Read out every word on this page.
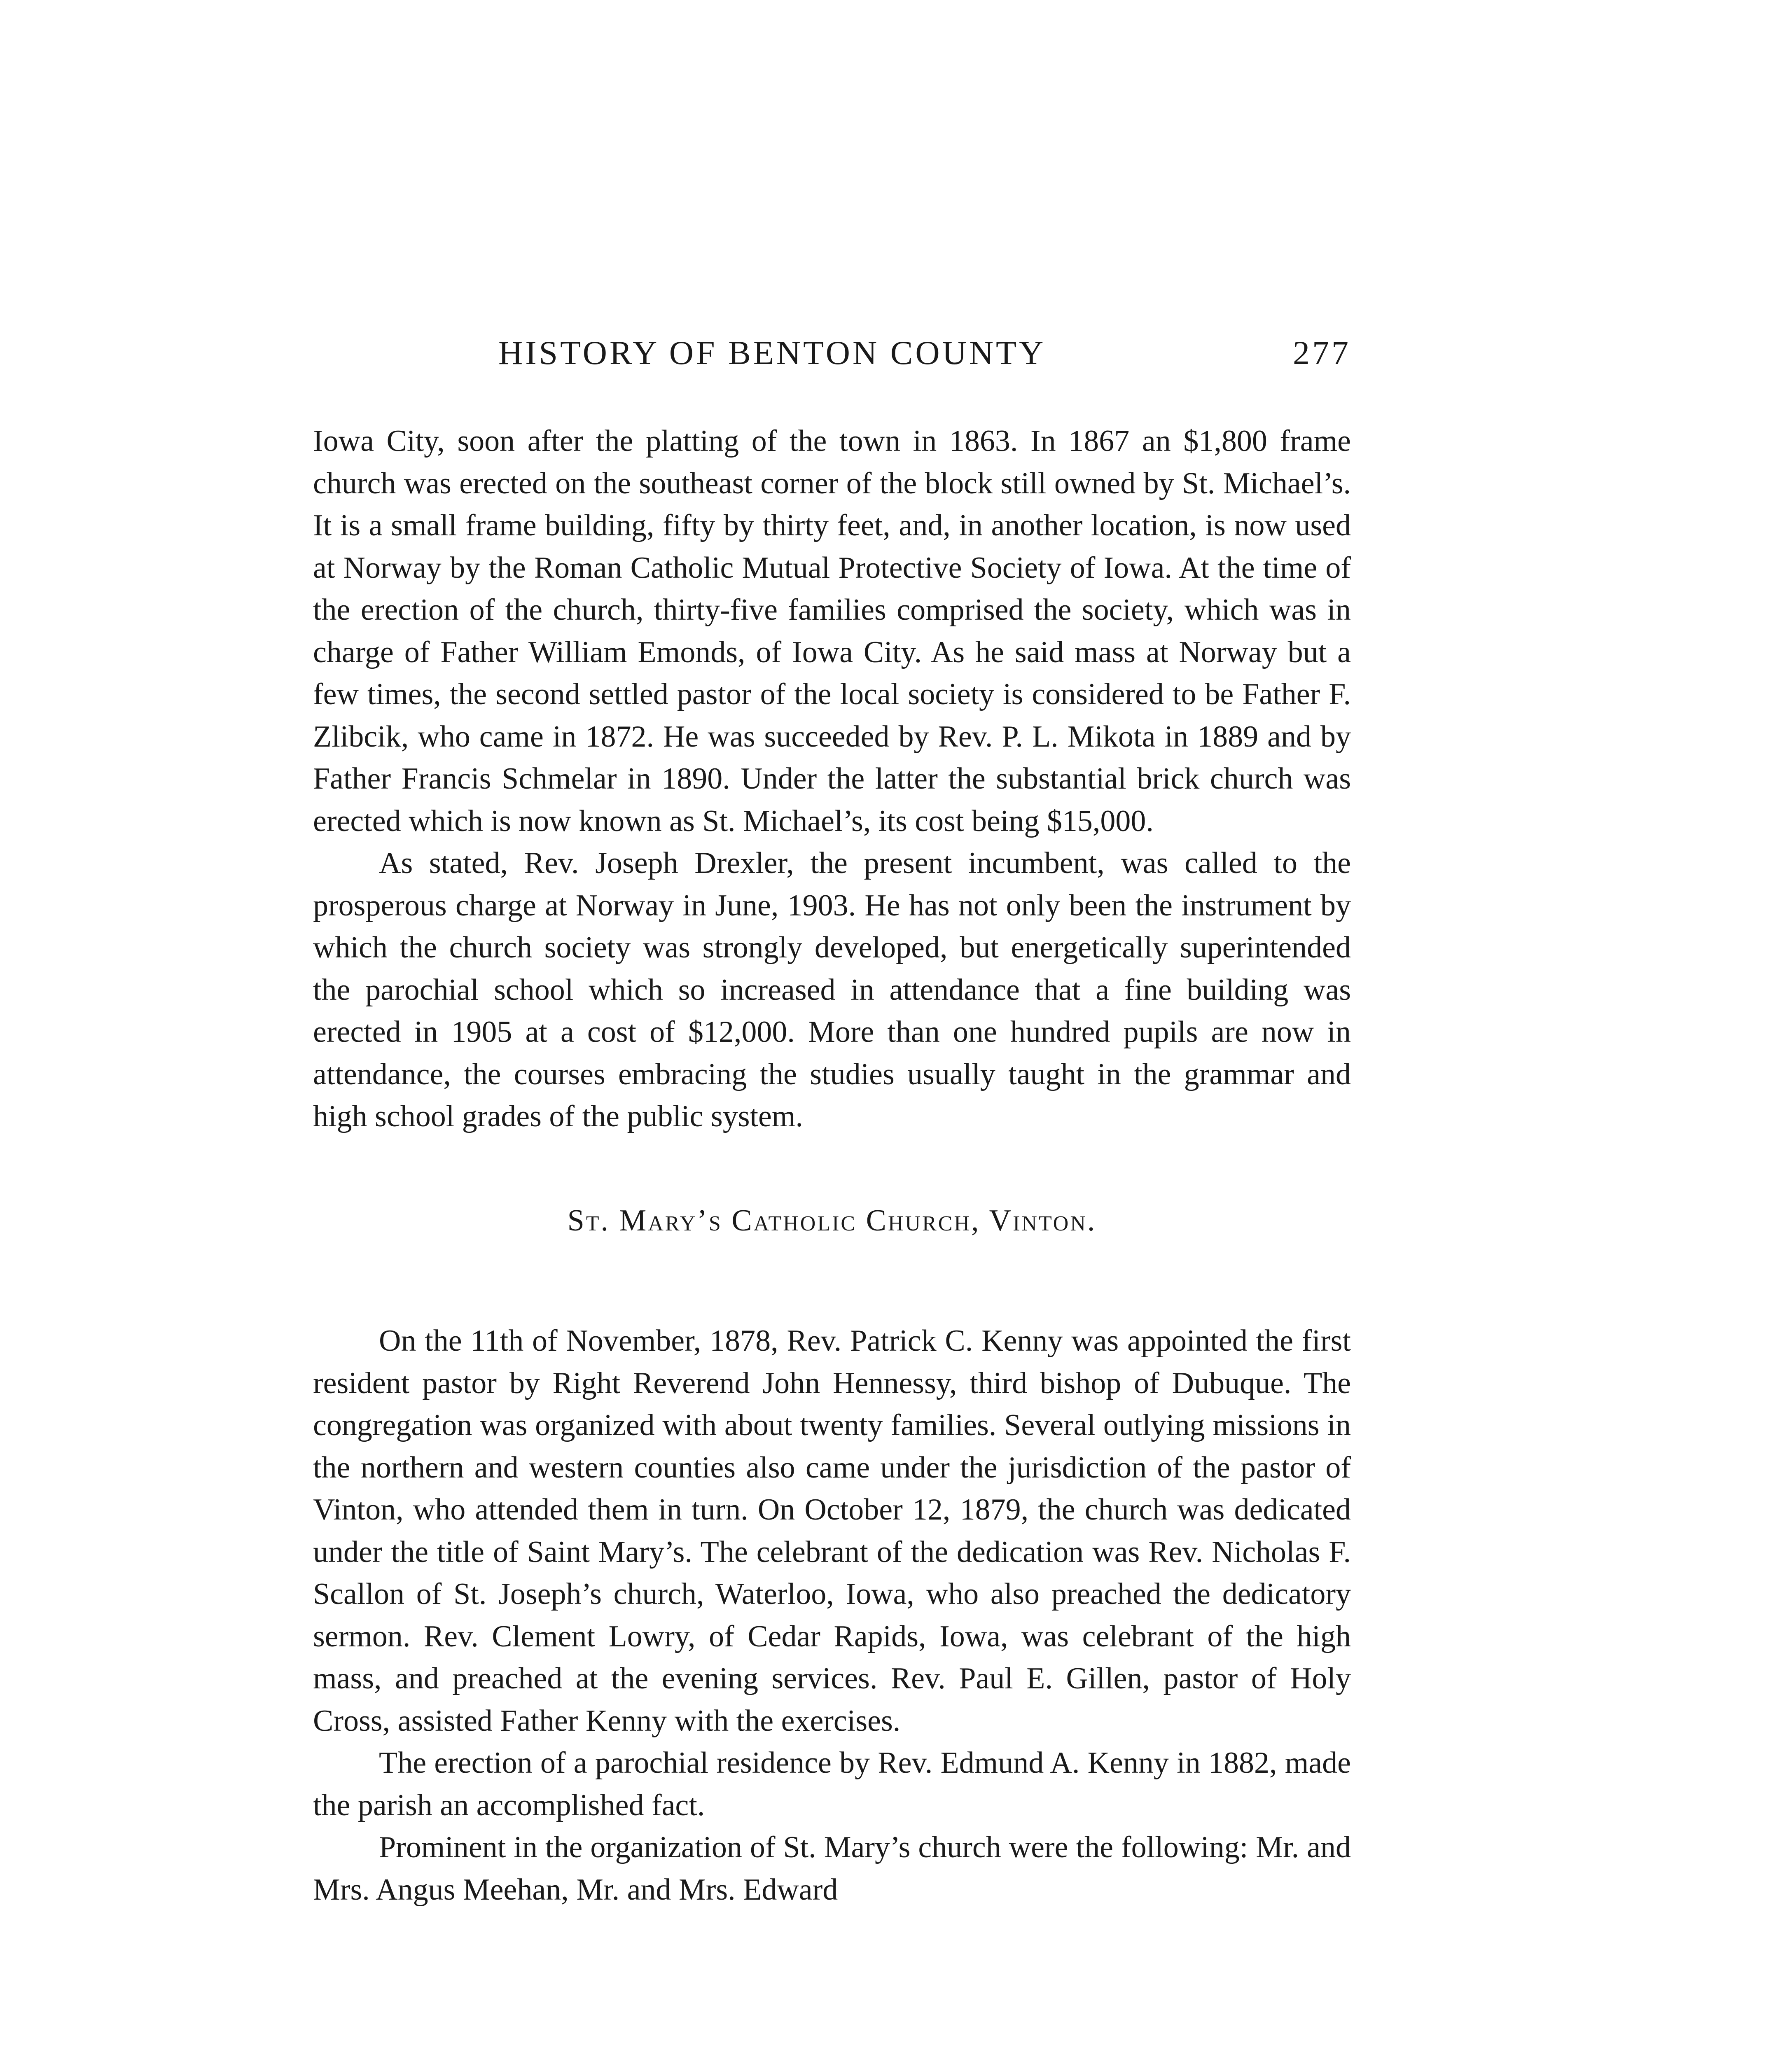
HISTORY OF BENTON COUNTY	277

Iowa City, soon after the platting of the town in 1863. In 1867 an $1,800 frame church was erected on the southeast corner of the block still owned by St. Michael’s. It is a small frame building, fifty by thirty feet, and, in another location, is now used at Norway by the Roman Catholic Mutual Protective Society of Iowa. At the time of the erection of the church, thirty-five families comprised the society, which was in charge of Father William Emonds, of Iowa City. As he said mass at Norway but a few times, the second settled pastor of the local society is considered to be Father F. Zlibcik, who came in 1872. He was succeeded by Rev. P. L. Mikota in 1889 and by Father Francis Schmelar in 1890. Under the latter the substantial brick church was erected which is now known as St. Michael’s, its cost being $15,000.

As stated, Rev. Joseph Drexler, the present incumbent, was called to the prosperous charge at Norway in June, 1903. He has not only been the instrument by which the church society was strongly developed, but energetically superintended the parochial school which so increased in attendance that a fine building was erected in 1905 at a cost of $12,000. More than one hundred pupils are now in attendance, the courses embracing the studies usually taught in the grammar and high school grades of the public system.

St. Mary’s Catholic Church, Vinton.

On the 11th of November, 1878, Rev. Patrick C. Kenny was appointed the first resident pastor by Right Reverend John Hennessy, third bishop of Dubuque. The congregation was organized with about twenty families. Several outlying missions in the northern and western counties also came under the jurisdiction of the pastor of Vinton, who attended them in turn. On October 12, 1879, the church was dedicated under the title of Saint Mary’s. The celebrant of the dedication was Rev. Nicholas F. Scallon of St. Joseph’s church, Waterloo, Iowa, who also preached the dedicatory sermon. Rev. Clement Lowry, of Cedar Rapids, Iowa, was celebrant of the high mass, and preached at the evening services. Rev. Paul E. Gillen, pastor of Holy Cross, assisted Father Kenny with the exercises.

The erection of a parochial residence by Rev. Edmund A. Kenny in 1882, made the parish an accomplished fact.

Prominent in the organization of St. Mary’s church were the following: Mr. and Mrs. Angus Meehan, Mr. and Mrs. Edward
